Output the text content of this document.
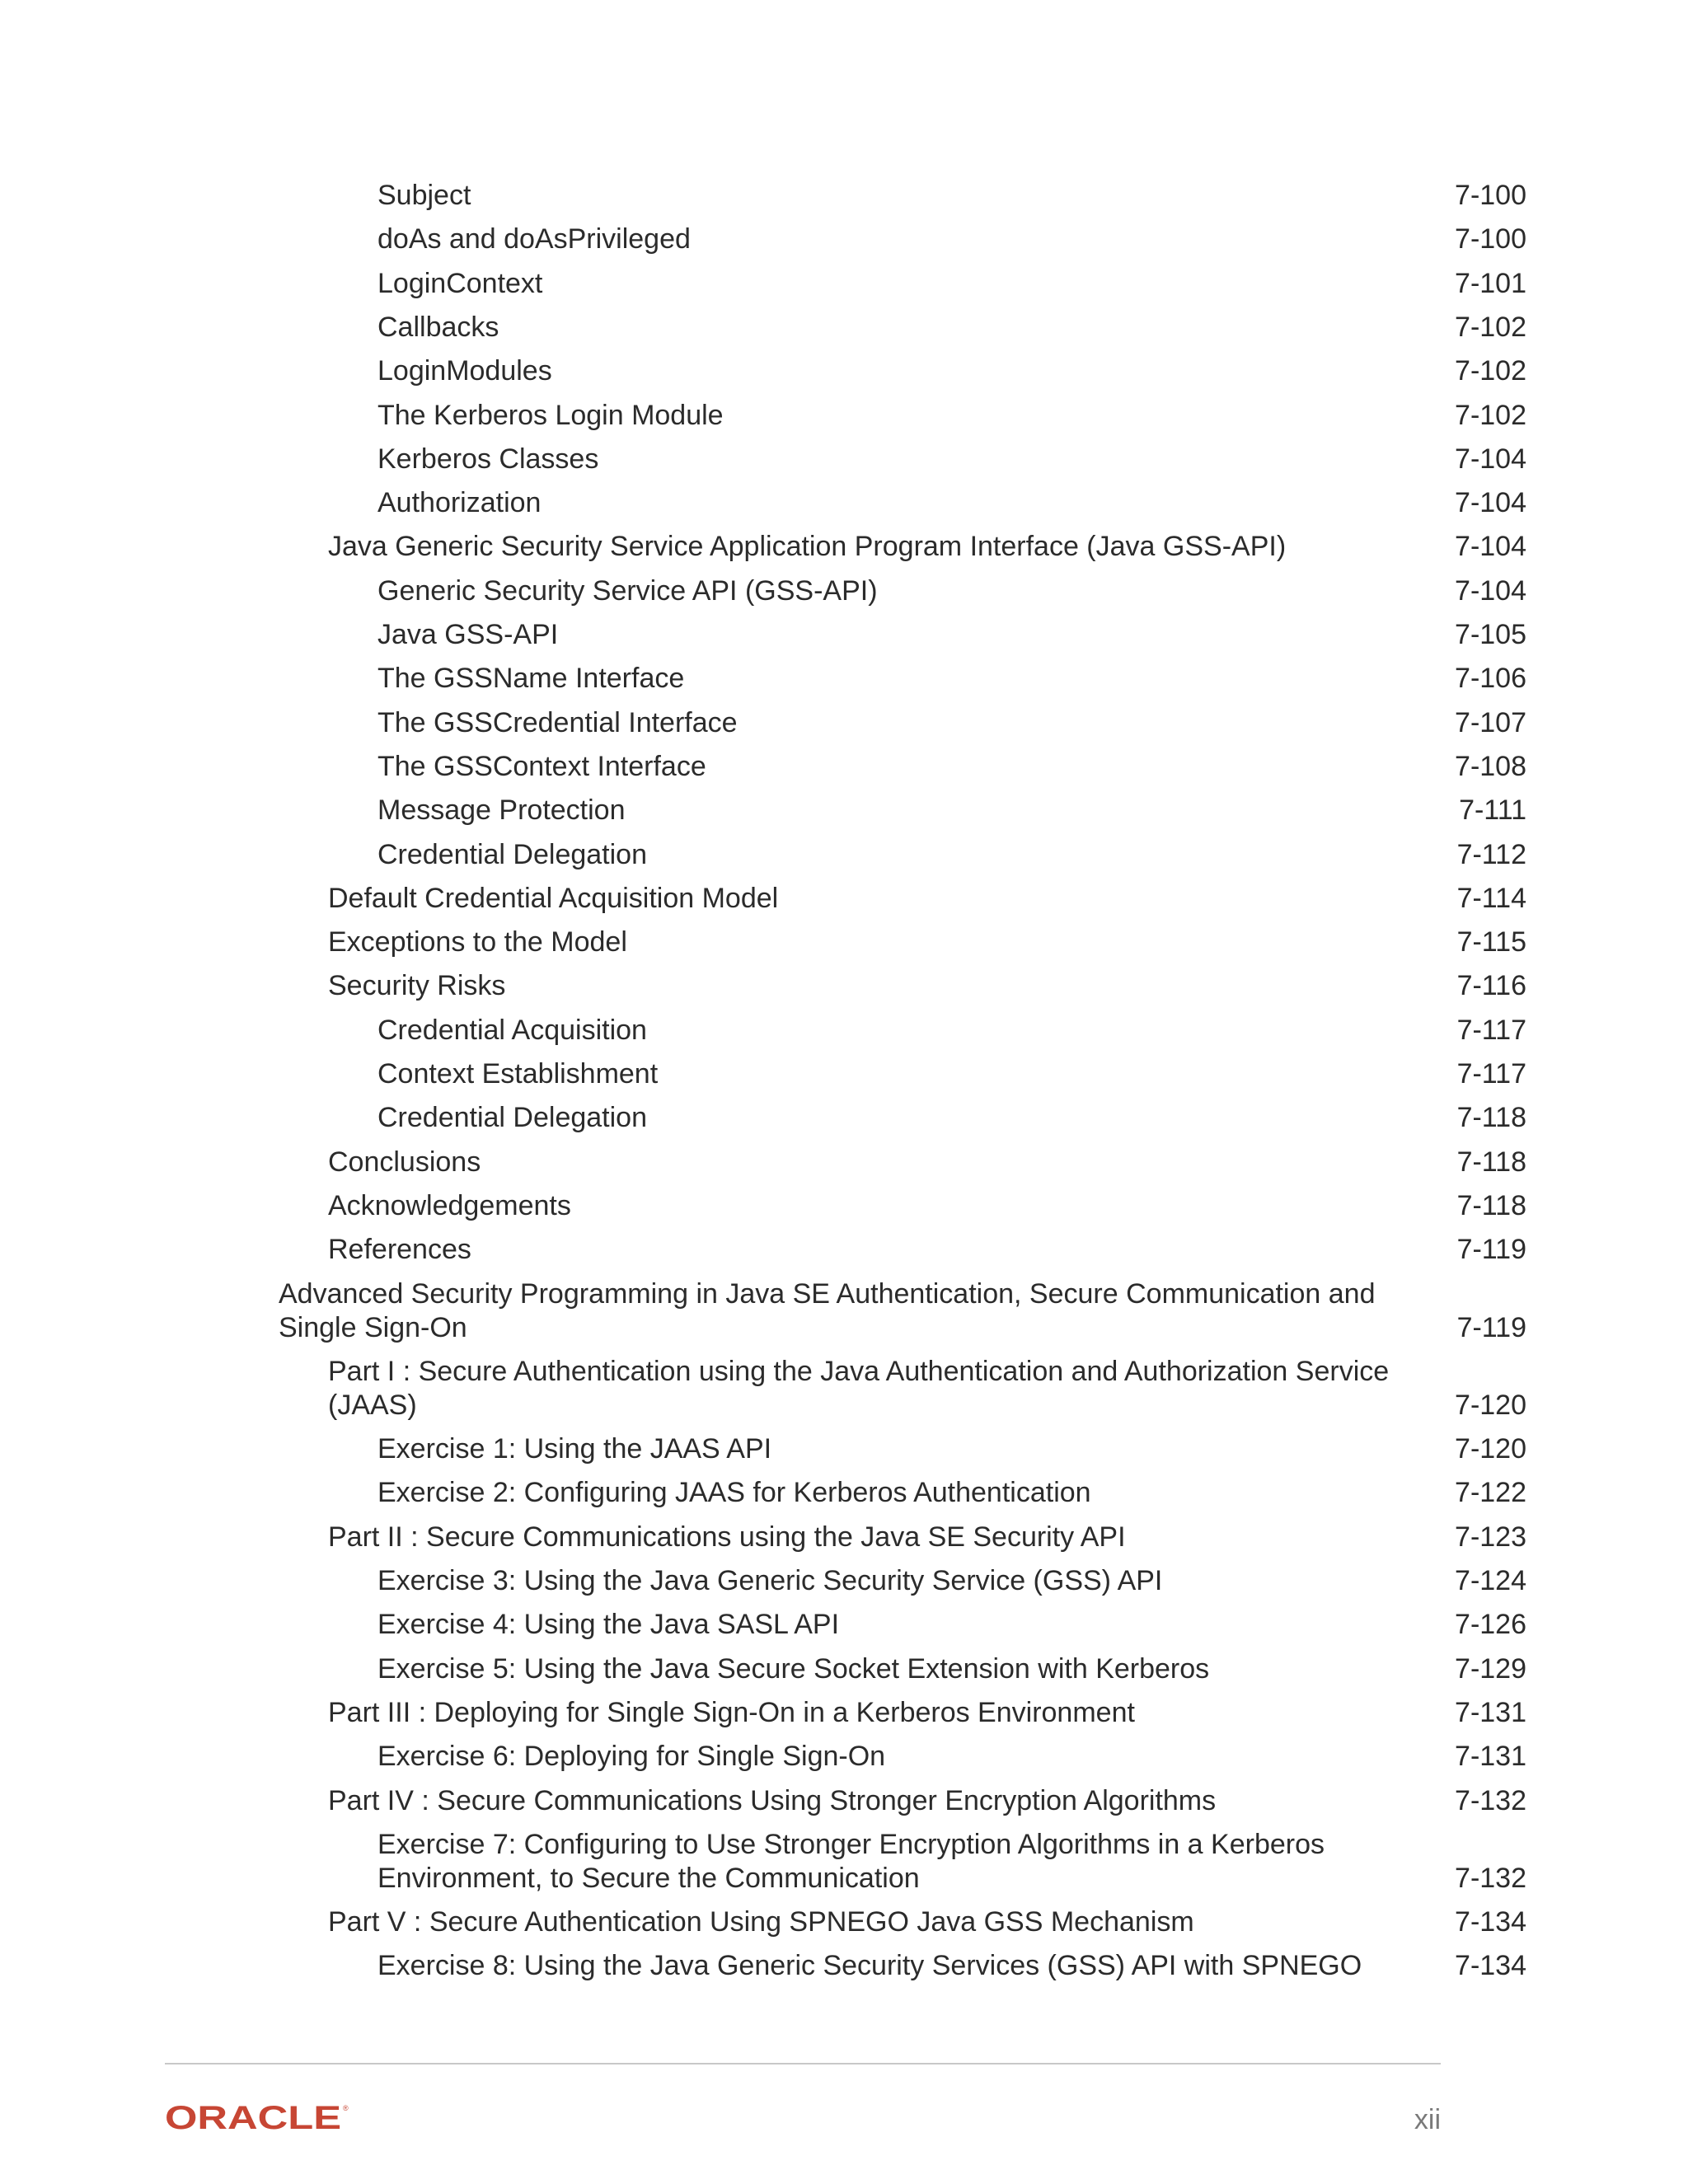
Subject	7-100
doAs and doAsPrivileged	7-100
LoginContext	7-101
Callbacks	7-102
LoginModules	7-102
The Kerberos Login Module	7-102
Kerberos Classes	7-104
Authorization	7-104
Java Generic Security Service Application Program Interface (Java GSS-API)	7-104
Generic Security Service API (GSS-API)	7-104
Java GSS-API	7-105
The GSSName Interface	7-106
The GSSCredential Interface	7-107
The GSSContext Interface	7-108
Message Protection	7-111
Credential Delegation	7-112
Default Credential Acquisition Model	7-114
Exceptions to the Model	7-115
Security Risks	7-116
Credential Acquisition	7-117
Context Establishment	7-117
Credential Delegation	7-118
Conclusions	7-118
Acknowledgements	7-118
References	7-119
Advanced Security Programming in Java SE Authentication, Secure Communication and
Single Sign-On	7-119
Part I : Secure Authentication using the Java Authentication and Authorization Service
(JAAS)	7-120
Exercise 1: Using the JAAS API	7-120
Exercise 2: Configuring JAAS for Kerberos Authentication	7-122
Part II : Secure Communications using the Java SE Security API	7-123
Exercise 3: Using the Java Generic Security Service (GSS) API	7-124
Exercise 4: Using the Java SASL API	7-126
Exercise 5: Using the Java Secure Socket Extension with Kerberos	7-129
Part III : Deploying for Single Sign-On in a Kerberos Environment	7-131
Exercise 6: Deploying for Single Sign-On	7-131
Part IV : Secure Communications Using Stronger Encryption Algorithms	7-132
Exercise 7: Configuring to Use Stronger Encryption Algorithms in a Kerberos
Environment, to Secure the Communication	7-132
Part V : Secure Authentication Using SPNEGO Java GSS Mechanism	7-134
Exercise 8: Using the Java Generic Security Services (GSS) API with SPNEGO	7-134
ORACLE ®	xii
